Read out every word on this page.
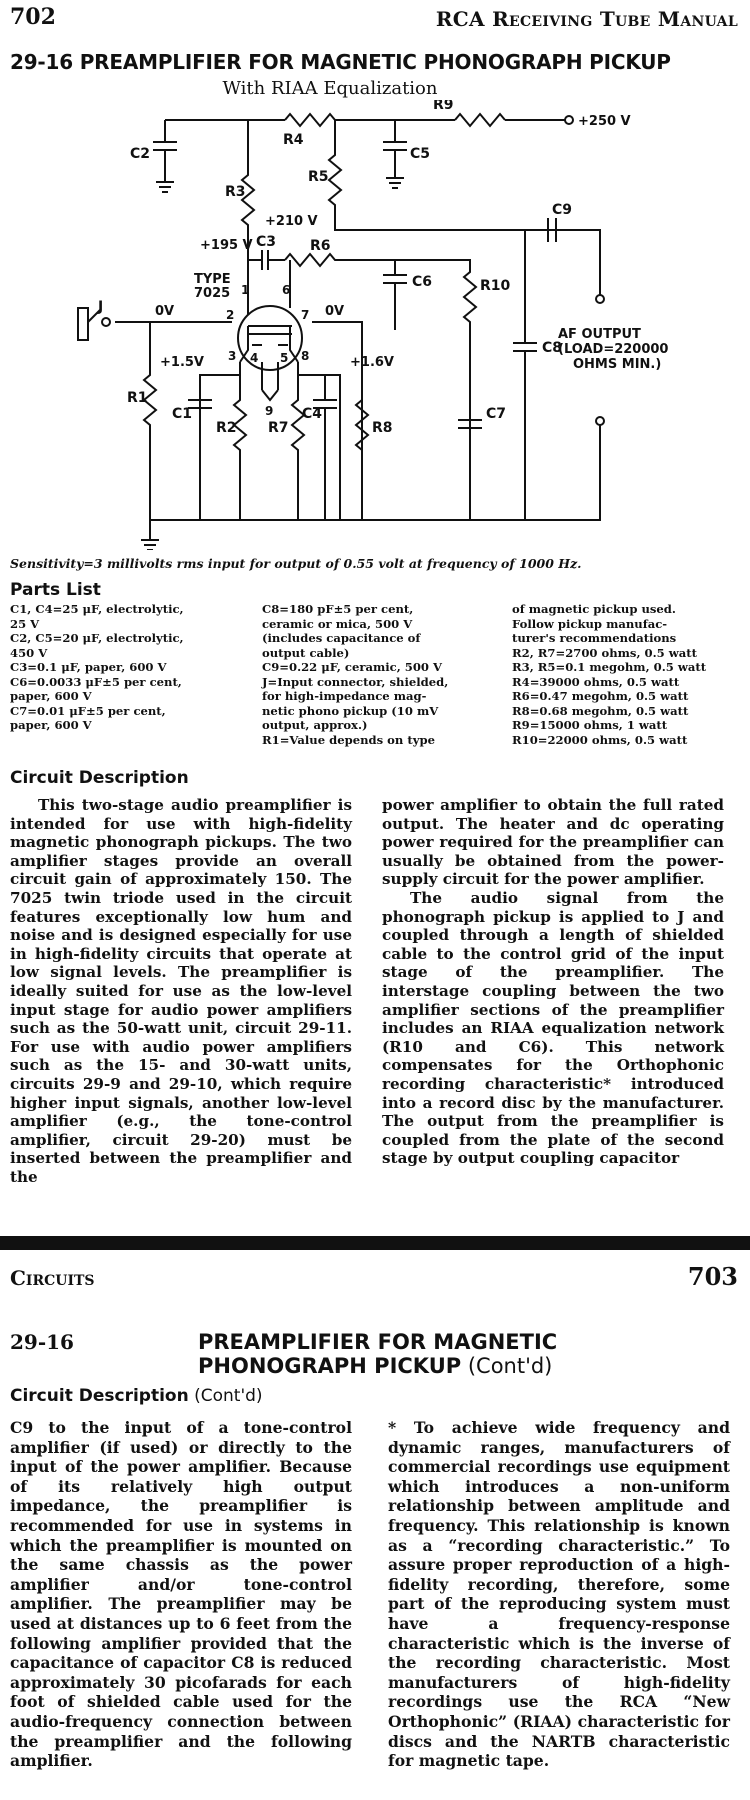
702	RCA Receiving Tube Manual
29-16 PREAMPLIFIER FOR MAGNETIC PHONOGRAPH PICKUP
With RIAA Equalization
R9
R4
R3
R5
R6
R10
R1
R2 R7	R8
C2	C5
C3
C6
C9
C8
C1	C4	C7
+250 V
+210 V
+195 V
+1.5V	+1.6V
0V	0V
J
TYPE
7025 1
2
3 4 5
6
7
8
9
AF OUTPUT
(LOAD=220000
OHMS MIN.)
Sensitivity=3 millivolts rms input for output of 0.55 volt at frequency of 1000 Hz.
Parts List
C1, C4=25 μF, electrolytic,
25 V
C2, C5=20 μF, electrolytic,
450 V
C3=0.1 μF, paper, 600 V
C6=0.0033 μF±5 per cent,
paper, 600 V
C7=0.01 μF±5 per cent,
paper, 600 V
C8=180 pF±5 per cent,
ceramic or mica, 500 V
(includes capacitance of
output cable)
C9=0.22 μF, ceramic, 500 V
J=Input connector, shielded,
for high-impedance mag-
netic phono pickup (10 mV
output, approx.)
R1=Value depends on type
of magnetic pickup used.
Follow pickup manufac-
turer's recommendations
R2, R7=2700 ohms, 0.5 watt
R3, R5=0.1 megohm, 0.5 watt
R4=39000 ohms, 0.5 watt
R6=0.47 megohm, 0.5 watt
R8=0.68 megohm, 0.5 watt
R9=15000 ohms, 1 watt
R10=22000 ohms, 0.5 watt
Circuit Description

This two-stage audio preamplifier is intended for use with high-fidelity magnetic phonograph pickups. The two amplifier stages provide an overall circuit gain of approximately 150. The 7025 twin triode used in the circuit features exceptionally low hum and noise and is designed especially for use in high-fidelity circuits that operate at low signal levels. The preamplifier is ideally suited for use as the low-level input stage for audio power amplifiers such as the 50-watt unit, circuit 29-11. For use with audio power amplifiers such as the 15- and 30-watt units, circuits 29-9 and 29-10, which require higher input signals, another low-level amplifier (e.g., the tone-control amplifier, circuit 29-20) must be inserted between the preamplifier and the

power amplifier to obtain the full rated output. The heater and dc operating power required for the preamplifier can usually be obtained from the power-supply circuit for the power amplifier.

The audio signal from the phonograph pickup is applied to J and coupled through a length of shielded cable to the control grid of the input stage of the preamplifier. The interstage coupling between the two amplifier sections of the preamplifier includes an RIAA equalization network (R10 and C6). This network compensates for the Orthophonic recording characteristic* introduced into a record disc by the manufacturer. The output from the preamplifier is coupled from the plate of the second stage by output coupling capacitor

Circuits	703
29-16	PREAMPLIFIER FOR MAGNETIC
PHONOGRAPH PICKUP (Cont'd)
Circuit Description (Cont'd)

C9 to the input of a tone-control amplifier (if used) or directly to the input of the power amplifier. Because of its relatively high output impedance, the preamplifier is recommended for use in systems in which the preamplifier is mounted on the same chassis as the power amplifier and/or tone-control amplifier. The preamplifier may be used at distances up to 6 feet from the following amplifier provided that the capacitance of capacitor C8 is reduced approximately 30 picofarads for each foot of shielded cable used for the audio-frequency connection between the preamplifier and the following amplifier.

* To achieve wide frequency and dynamic ranges, manufacturers of commercial recordings use equipment which introduces a non-uniform relationship between amplitude and frequency. This relationship is known as a “recording characteristic.” To assure proper reproduction of a high-fidelity recording, therefore, some part of the reproducing system must have a frequency-response characteristic which is the inverse of the recording characteristic. Most manufacturers of high-fidelity recordings use the RCA “New Orthophonic” (RIAA) characteristic for discs and the NARTB characteristic for magnetic tape.
